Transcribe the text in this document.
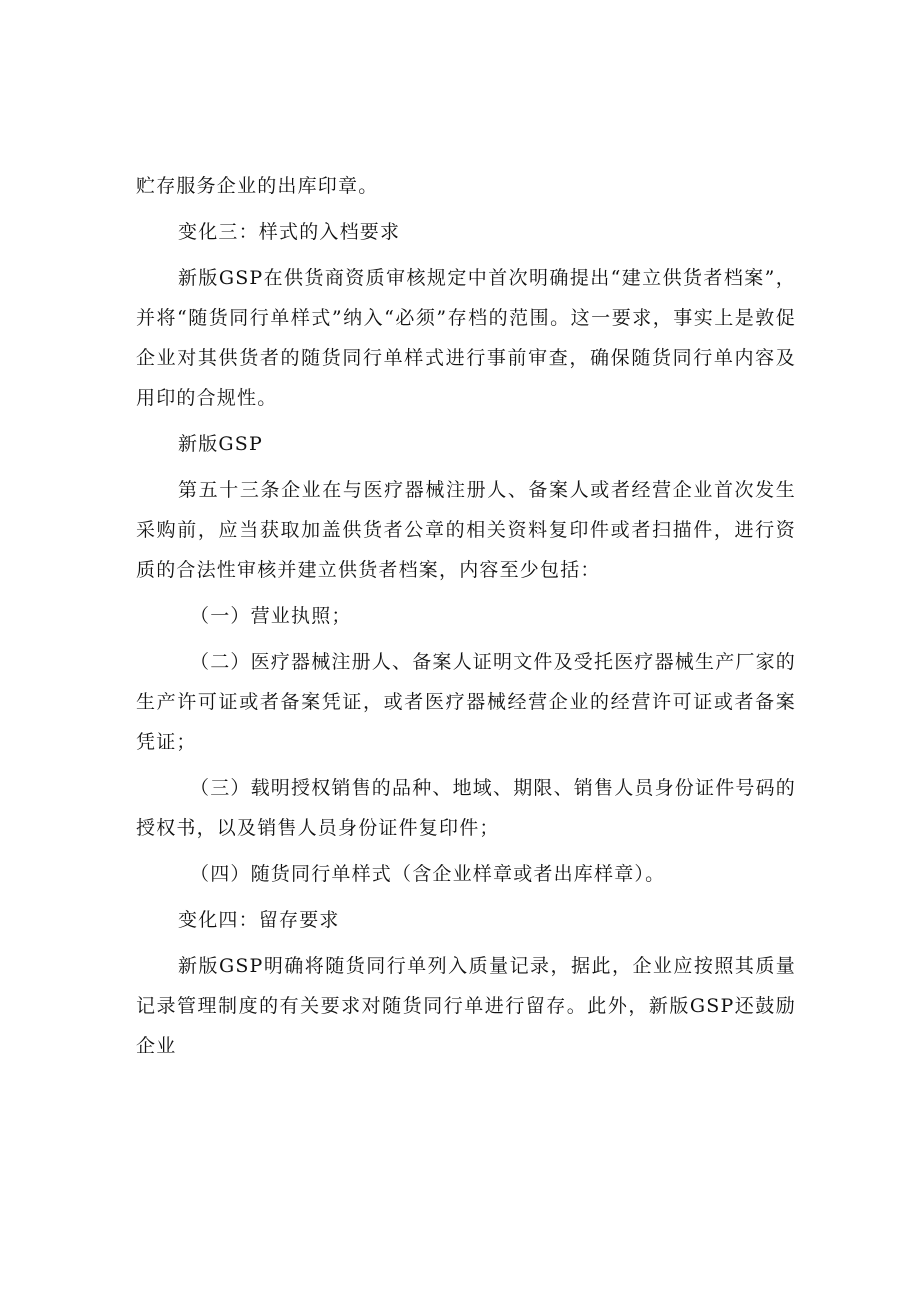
贮存服务企业的出库印章。

变化三：样式的入档要求

新版GSP在供货商资质审核规定中首次明确提出“建立供货者档案”，并将“随货同行单样式”纳入“必须”存档的范围。这一要求，事实上是敦促企业对其供货者的随货同行单样式进行事前审查，确保随货同行单内容及用印的合规性。

新版GSP

第五十三条企业在与医疗器械注册人、备案人或者经营企业首次发生采购前，应当获取加盖供货者公章的相关资料复印件或者扫描件，进行资质的合法性审核并建立供货者档案，内容至少包括：

（一）营业执照；

（二）医疗器械注册人、备案人证明文件及受托医疗器械生产厂家的生产许可证或者备案凭证，或者医疗器械经营企业的经营许可证或者备案凭证；

（三）载明授权销售的品种、地域、期限、销售人员身份证件号码的授权书，以及销售人员身份证件复印件；

（四）随货同行单样式（含企业样章或者出库样章）。

变化四：留存要求

新版GSP明确将随货同行单列入质量记录，据此，企业应按照其质量记录管理制度的有关要求对随货同行单进行留存。此外，新版GSP还鼓励企业
